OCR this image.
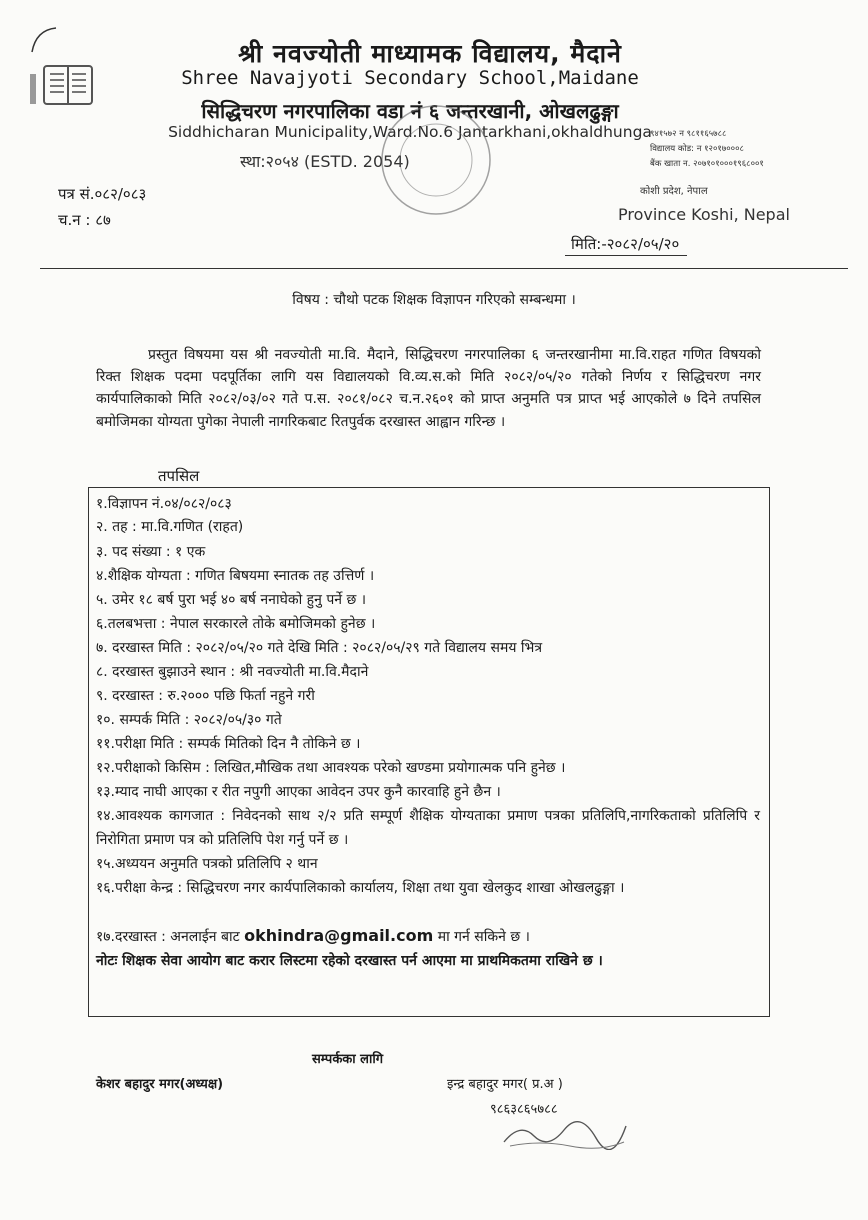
श्री नवज्योती माध्यामक विद्यालय, मैदाने
Shree Navajyoti Secondary School,Maidane
सिद्धिचरण नगरपालिका वडा नं ६ जन्तरखानी, ओखलढुङ्गा
Siddhicharan Municipality,Ward.No.6 Jantarkhani,okhaldhunga
स्था:२०५४ (ESTD. 2054)
९४१५७२ न ९८११६५७८८
विद्यालय कोड: न १२०१७०००८
बैंक खाता न. २०७१०१०००१९६८००१
कोशी प्रदेश, नेपाल
Province Koshi, Nepal
पत्र सं.०८२/०८३
च.न : ८७
मिति:-२०८२/०५/२०
विषय : चौथो पटक शिक्षक विज्ञापन गरिएको सम्बन्धमा ।
प्रस्तुत विषयमा यस श्री नवज्योती मा.वि. मैदाने, सिद्धिचरण नगरपालिका ६ जन्तरखानीमा मा.वि.राहत गणित विषयको रिक्त शिक्षक पदमा पदपूर्तिका लागि यस विद्यालयको वि.व्य.स.को मिति २०८२/०५/२० गतेको निर्णय र सिद्धिचरण नगर कार्यपालिकाको मिति २०८२/०३/०२ गते प.स. २०८१/०८२ च.न.२६०१ को प्राप्त अनुमति पत्र प्राप्त भई आएकोले ७ दिने तपसिल बमोजिमका योग्यता पुगेका नेपाली नागरिकबाट रितपुर्वक दरखास्त आह्वान गरिन्छ ।
तपसिल
१.विज्ञापन नं.०४/०८२/०८३
२. तह : मा.वि.गणित (राहत)
३. पद संख्या : १ एक
४.शैक्षिक योग्यता : गणित बिषयमा स्नातक तह उत्तिर्ण ।
५. उमेर १८ बर्ष पुरा भई ४० बर्ष ननाघेको हुनु पर्ने छ ।
६.तलबभत्ता : नेपाल सरकारले तोके बमोजिमको हुनेछ ।
७. दरखास्त मिति : २०८२/०५/२० गते देखि मिति : २०८२/०५/२९ गते विद्यालय समय भित्र
८. दरखास्त बुझाउने स्थान : श्री नवज्योती मा.वि.मैदाने
९. दरखास्त : रु.२००० पछि फिर्ता नहुने गरी
१०. सम्पर्क मिति : २०८२/०५/३० गते
११.परीक्षा मिति : सम्पर्क मितिको दिन नै तोकिने छ ।
१२.परीक्षाको किसिम : लिखित,मौखिक तथा आवश्यक परेको खण्डमा प्रयोगात्मक पनि हुनेछ ।
१३.म्याद नाघी आएका र रीत नपुगी आएका आवेदन उपर कुनै कारवाहि हुने छैन ।
१४.आवश्यक कागजात : निवेदनको साथ २/२ प्रति सम्पूर्ण शैक्षिक योग्यताका प्रमाण पत्रका प्रतिलिपि,नागरिकताको प्रतिलिपि र निरोगिता प्रमाण पत्र को प्रतिलिपि पेश गर्नु पर्ने छ ।
१५.अध्ययन अनुमति पत्रको प्रतिलिपि २ थान
१६.परीक्षा केन्द्र : सिद्धिचरण नगर कार्यपालिकाको कार्यालय, शिक्षा तथा युवा खेलकुद शाखा ओखलढुङ्गा ।
१७.दरखास्त : अनलाईन बाट okhindra@gmail.com मा गर्न सकिने छ ।
नोटः शिक्षक सेवा आयोग बाट करार लिस्टमा रहेको दरखास्त पर्न आएमा मा प्राथमिकतमा राखिने छ ।
सम्पर्कका लागि
केशर बहादुर मगर(अध्यक्ष)	इन्द्र बहादुर मगर( प्र.अ )
९८६३८६५७८८
